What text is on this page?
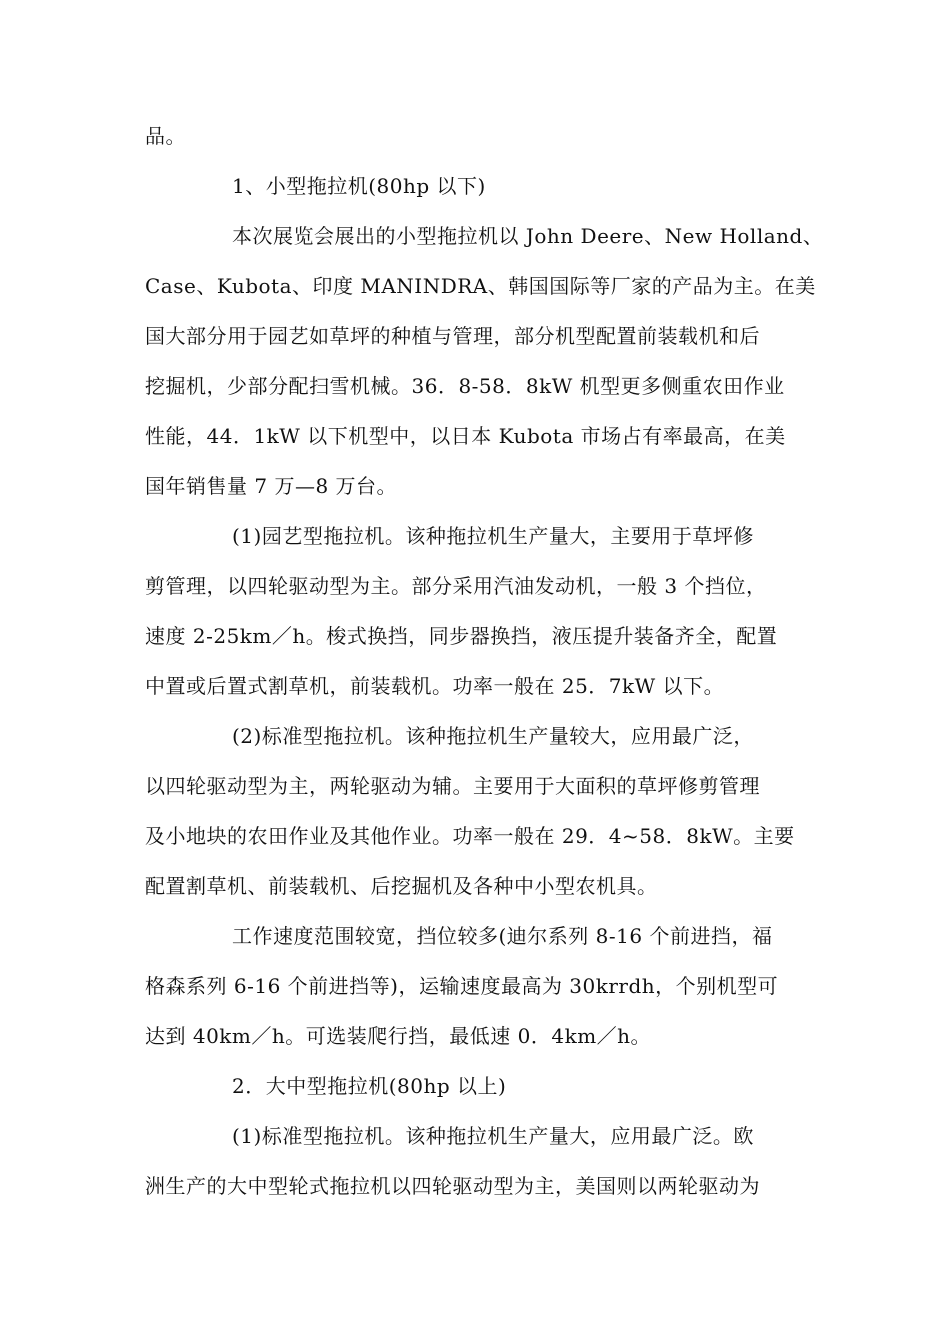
品。
1、小型拖拉机(80hp 以下)
本次展览会展出的小型拖拉机以 John Deere、New Holland、
Case、Kubota、印度 MANINDRA、韩国国际等厂家的产品为主。在美
国大部分用于园艺如草坪的种植与管理，部分机型配置前装载机和后
挖掘机，少部分配扫雪机械。36．8-58．8kW 机型更多侧重农田作业
性能，44．1kW 以下机型中，以日本 Kubota 市场占有率最高，在美
国年销售量 7 万—8 万台。
(1)园艺型拖拉机。该种拖拉机生产量大，主要用于草坪修
剪管理，以四轮驱动型为主。部分采用汽油发动机，一般 3 个挡位，
速度 2-25km／h。梭式换挡，同步器换挡，液压提升装备齐全，配置
中置或后置式割草机，前装载机。功率一般在 25．7kW 以下。
(2)标准型拖拉机。该种拖拉机生产量较大，应用最广泛，
以四轮驱动型为主，两轮驱动为辅。主要用于大面积的草坪修剪管理
及小地块的农田作业及其他作业。功率一般在 29．4~58．8kW。主要
配置割草机、前装载机、后挖掘机及各种中小型农机具。
工作速度范围较宽，挡位较多(迪尔系列 8-16 个前进挡，福
格森系列 6-16 个前进挡等)，运输速度最高为 30krrdh，个别机型可
达到 40km／h。可选装爬行挡，最低速 0．4km／h。
2．大中型拖拉机(80hp 以上)
(1)标准型拖拉机。该种拖拉机生产量大，应用最广泛。欧
洲生产的大中型轮式拖拉机以四轮驱动型为主，美国则以两轮驱动为
